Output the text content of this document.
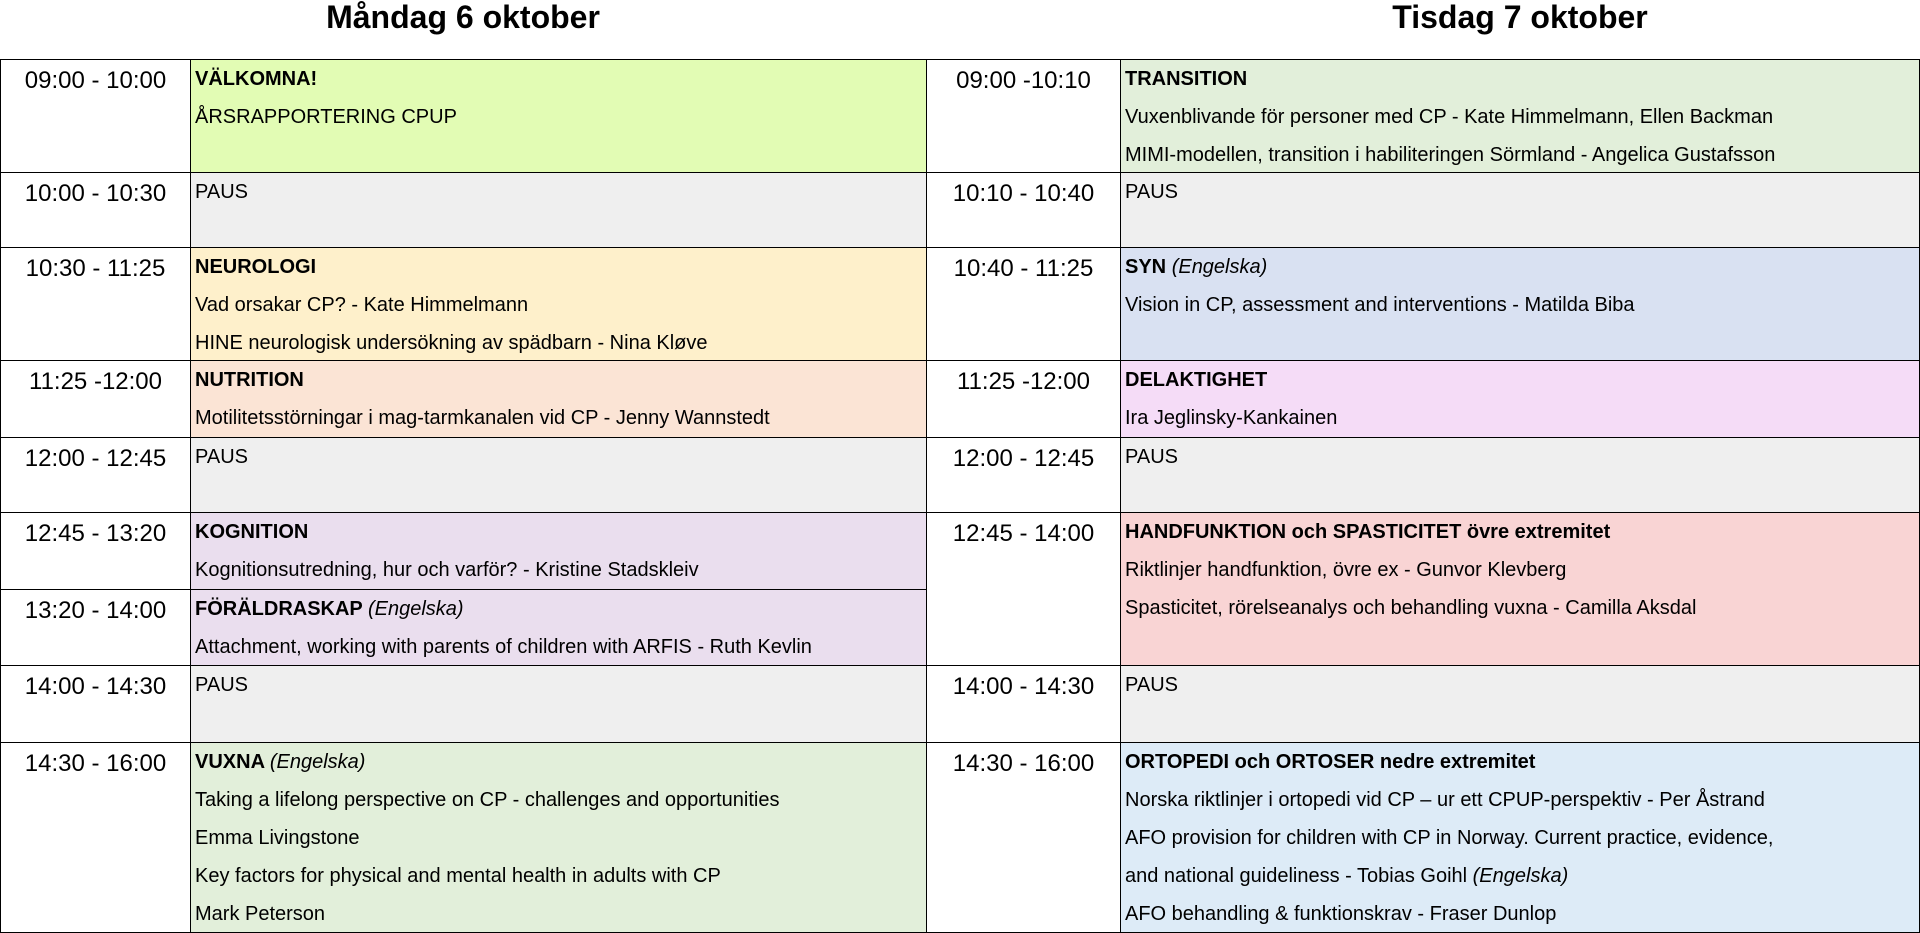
Måndag 6 oktober	Tisdag 7 oktober
09:00 - 10:00	VÄLKOMNA!
ÅRSRAPPORTERING CPUP
10:00 - 10:30	PAUS
10:30 - 11:25	NEUROLOGI
Vad orsakar CP? - Kate Himmelmann
HINE neurologisk undersökning av spädbarn - Nina Kløve
11:25 -12:00	NUTRITION
Motilitetsstörningar i mag-tarmkanalen vid CP - Jenny Wannstedt
12:00 - 12:45	PAUS
12:45 - 13:20	KOGNITION
Kognitionsutredning, hur och varför? - Kristine Stadskleiv
13:20 - 14:00	FÖRÄLDRASKAP (Engelska)
Attachment, working with parents of children with ARFIS - Ruth Kevlin
14:00 - 14:30	PAUS
14:30 - 16:00	VUXNA (Engelska)
Taking a lifelong perspective on CP - challenges and opportunities
Emma Livingstone
Key factors for physical and mental health in adults with CP
Mark Peterson
09:00 -10:10	TRANSITION
Vuxenblivande för personer med CP - Kate Himmelmann, Ellen Backman
MIMI-modellen, transition i habiliteringen Sörmland - Angelica Gustafsson
10:10 - 10:40	PAUS
10:40 - 11:25	SYN (Engelska)
Vision in CP, assessment and interventions - Matilda Biba
11:25 -12:00	DELAKTIGHET
Ira Jeglinsky-Kankainen
12:00 - 12:45	PAUS
12:45 - 14:00	HANDFUNKTION och SPASTICITET övre extremitet
Riktlinjer handfunktion, övre ex - Gunvor Klevberg
Spasticitet, rörelseanalys och behandling vuxna - Camilla Aksdal
14:00 - 14:30	PAUS
14:30 - 16:00	ORTOPEDI och ORTOSER nedre extremitet
Norska riktlinjer i ortopedi vid CP – ur ett CPUP-perspektiv - Per Åstrand
AFO provision for children with CP in Norway. Current practice, evidence,
and national guideliness - Tobias Goihl (Engelska)
AFO behandling & funktionskrav - Fraser Dunlop
